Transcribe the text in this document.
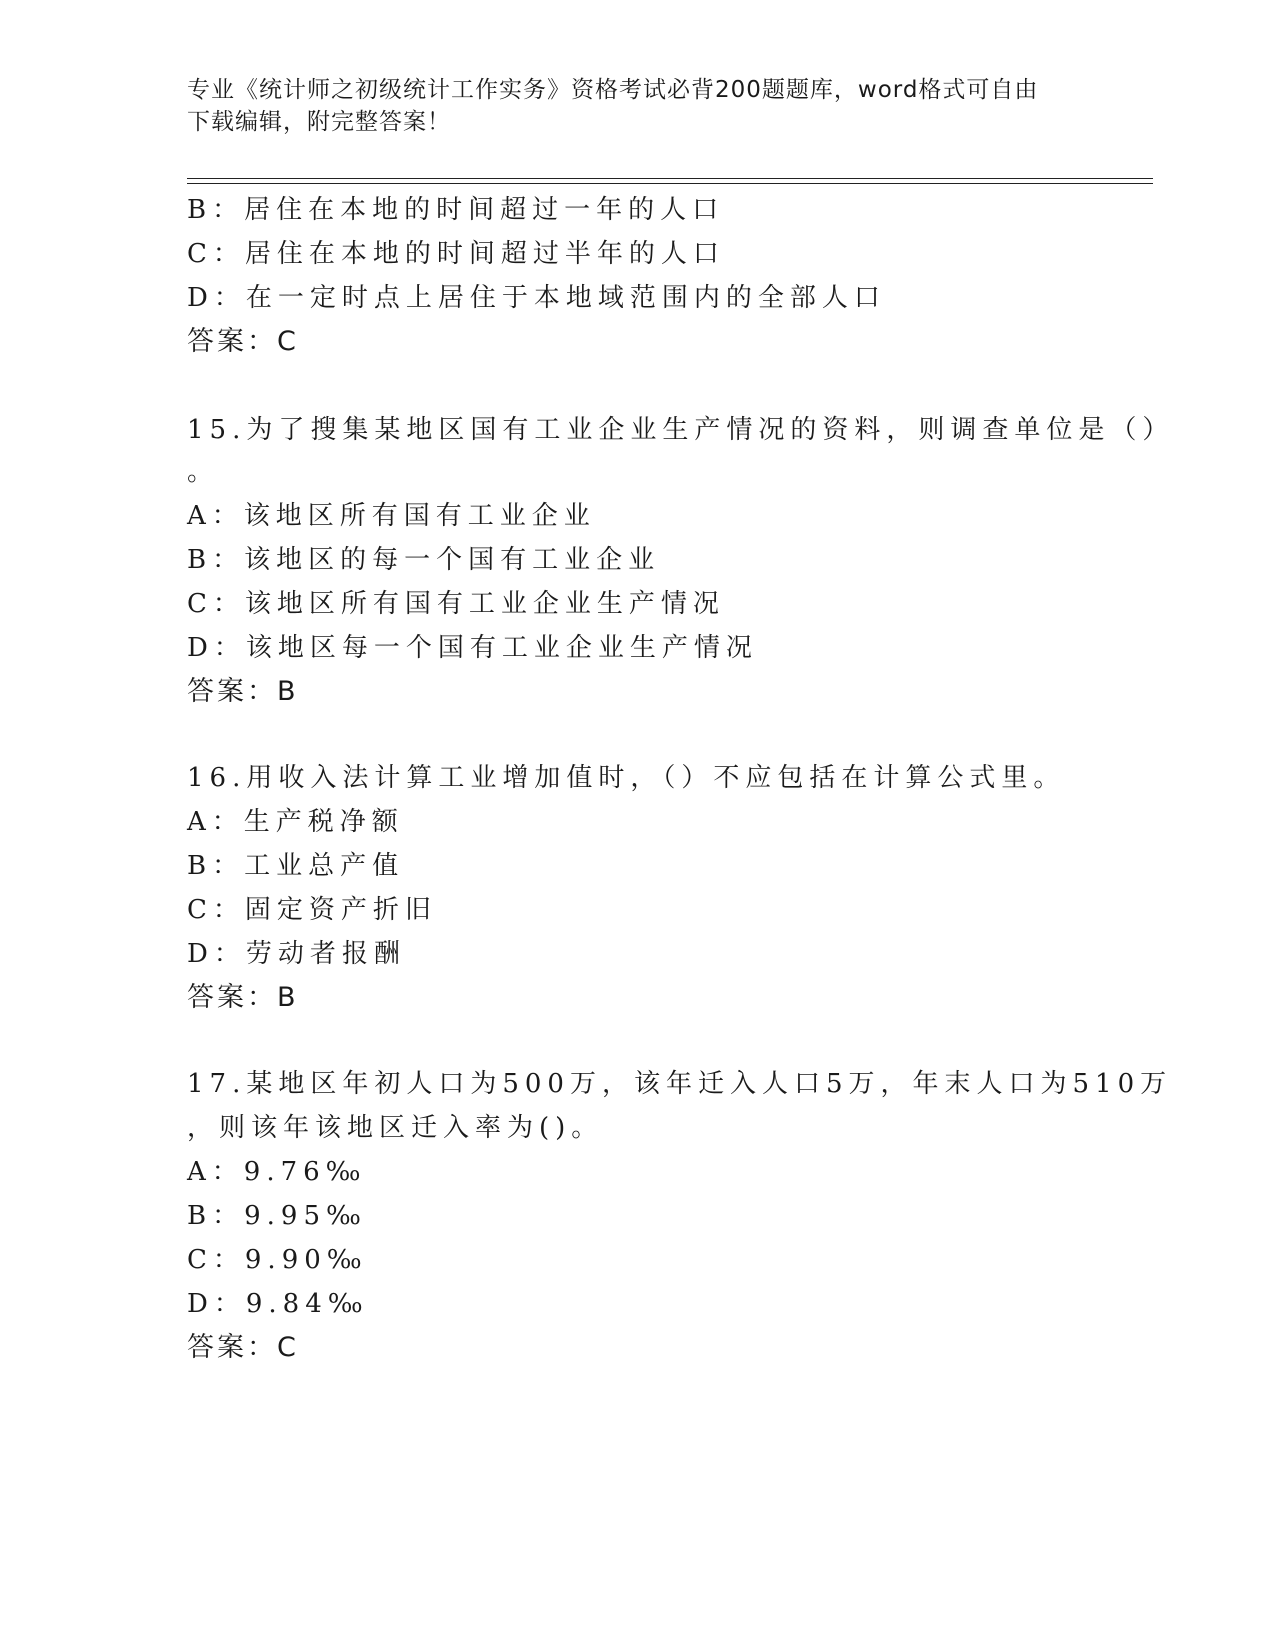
专业《统计师之初级统计工作实务》资格考试必背200题题库，word格式可自由
下载编辑，附完整答案！
B：居住在本地的时间超过一年的人口
C：居住在本地的时间超过半年的人口
D：在一定时点上居住于本地域范围内的全部人口
答案：C
15.为了搜集某地区国有工业企业生产情况的资料，则调查单位是（）
。
A：该地区所有国有工业企业
B：该地区的每一个国有工业企业
C：该地区所有国有工业企业生产情况
D：该地区每一个国有工业企业生产情况
答案：B
16.用收入法计算工业增加值时，（）不应包括在计算公式里。
A：生产税净额
B：工业总产值
C：固定资产折旧
D：劳动者报酬
答案：B
17.某地区年初人口为500万，该年迁入人口5万，年末人口为510万
，则该年该地区迁入率为()。
A：9.76‰
B：9.95‰
C：9.90‰
D：9.84‰
答案：C
